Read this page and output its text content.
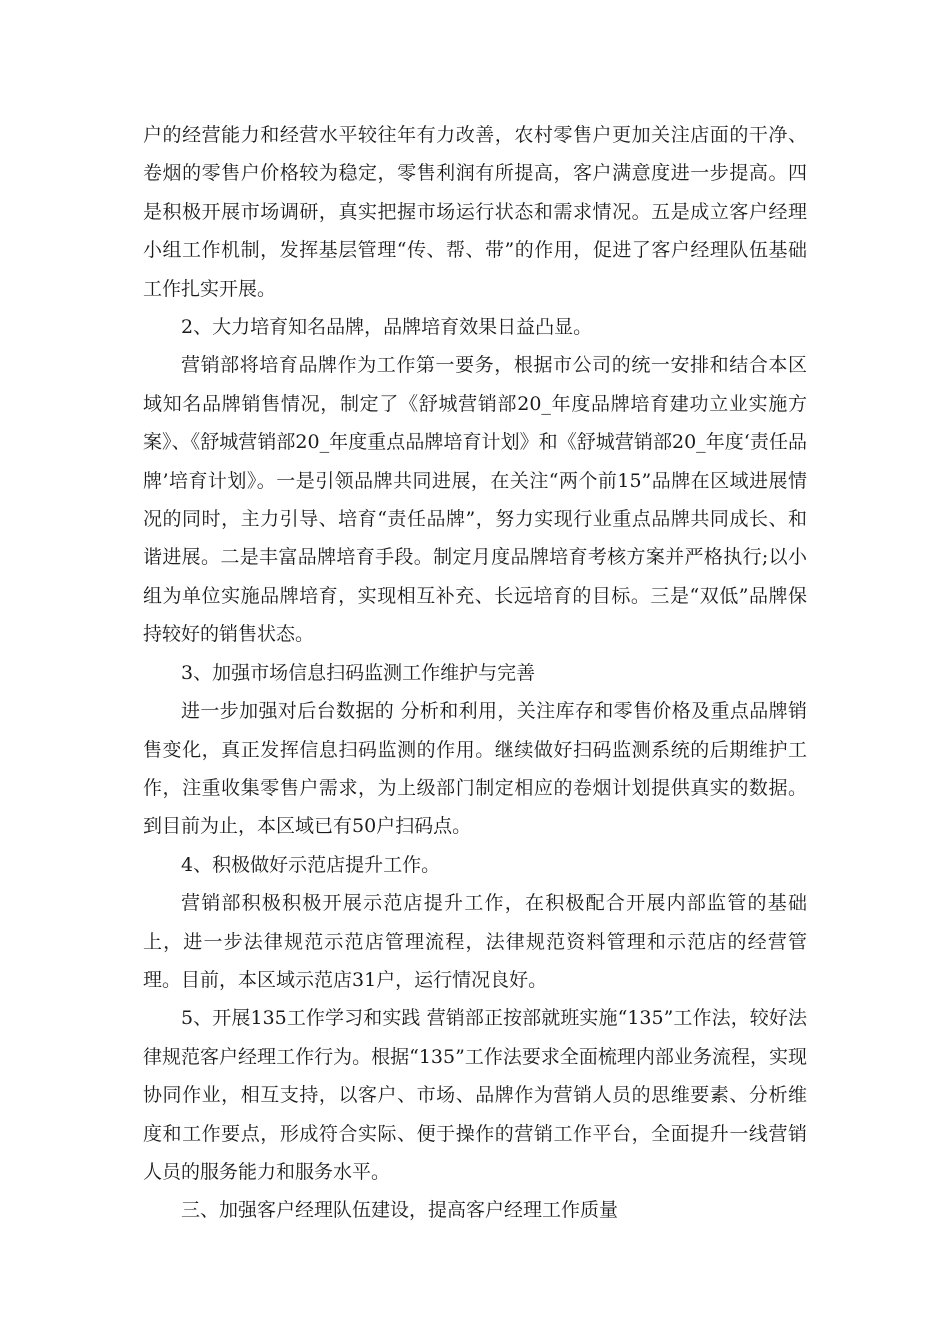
户的经营能力和经营水平较往年有力改善，农村零售户更加关注店面的干净、卷烟的零售户价格较为稳定，零售利润有所提高，客户满意度进一步提高。四是积极开展市场调研，真实把握市场运行状态和需求情况。五是成立客户经理小组工作机制，发挥基层管理“传、帮、带”的作用，促进了客户经理队伍基础工作扎实开展。

2、大力培育知名品牌，品牌培育效果日益凸显。

营销部将培育品牌作为工作第一要务，根据市公司的统一安排和结合本区域知名品牌销售情况，制定了《舒城营销部20_年度品牌培育建功立业实施方案》、《舒城营销部20_年度重点品牌培育计划》和《舒城营销部20_年度‘责任品牌’培育计划》。一是引领品牌共同进展，在关注“两个前15”品牌在区域进展情况的同时，主力引导、培育“责任品牌”，努力实现行业重点品牌共同成长、和谐进展。二是丰富品牌培育手段。制定月度品牌培育考核方案并严格执行;以小组为单位实施品牌培育，实现相互补充、长远培育的目标。三是“双低”品牌保持较好的销售状态。

3、加强市场信息扫码监测工作维护与完善

进一步加强对后台数据的 分析和利用，关注库存和零售价格及重点品牌销售变化，真正发挥信息扫码监测的作用。继续做好扫码监测系统的后期维护工作，注重收集零售户需求，为上级部门制定相应的卷烟计划提供真实的数据。到目前为止，本区域已有50户扫码点。

4、积极做好示范店提升工作。

营销部积极积极开展示范店提升工作，在积极配合开展内部监管的基础上，进一步法律规范示范店管理流程，法律规范资料管理和示范店的经营管理。目前，本区域示范店31户，运行情况良好。

5、开展135工作学习和实践 营销部正按部就班实施“135”工作法，较好法律规范客户经理工作行为。根据“135”工作法要求全面梳理内部业务流程，实现协同作业，相互支持，以客户、市场、品牌作为营销人员的思维要素、分析维度和工作要点，形成符合实际、便于操作的营销工作平台，全面提升一线营销人员的服务能力和服务水平。

三、加强客户经理队伍建设，提高客户经理工作质量
